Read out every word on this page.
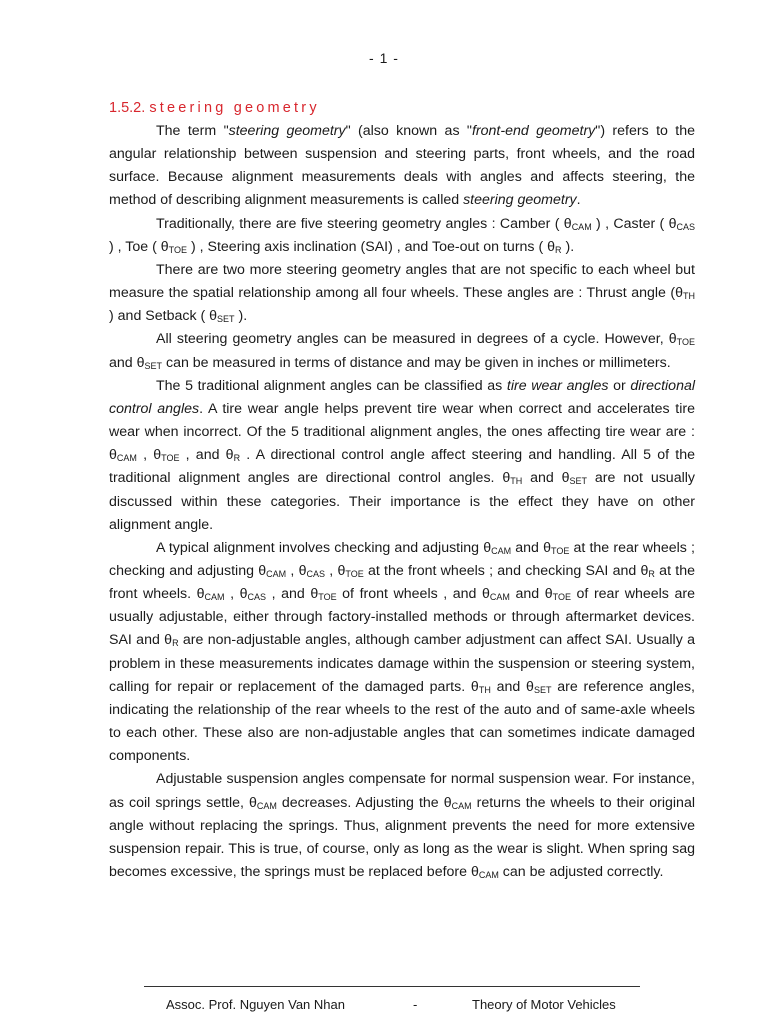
- 1 -
1.5.2. steering geometry

The term "steering geometry" (also known as "front-end geometry") refers to the angular relationship between suspension and steering parts, front wheels, and the road surface. Because alignment measurements deals with angles and affects steering, the method of describing alignment measurements is called steering geometry.

Traditionally, there are five steering geometry angles : Camber ( $\theta_{CAM}$ ) , Caster ( $\theta_{CAS}$ ) , Toe ( $\theta_{TOE}$ ) , Steering axis inclination (SAI) , and Toe-out on turns ( $\theta_R$ ).

There are two more steering geometry angles that are not specific to each wheel but measure the spatial relationship among all four wheels. These angles are : Thrust angle ($\theta_{TH}$ ) and Setback ( $\theta_{SET}$ ).

All steering geometry angles can be measured in degrees of a cycle. However, $\theta_{TOE}$ and $\theta_{SET}$ can be measured in terms of distance and may be given in inches or millimeters.

The 5 traditional alignment angles can be classified as tire wear angles or directional control angles. A tire wear angle helps prevent tire wear when correct and accelerates tire wear when incorrect. Of the 5 traditional alignment angles, the ones affecting tire wear are : $\theta_{CAM}$ , $\theta_{TOE}$ , and $\theta_R$ . A directional control angle affect steering and handling. All 5 of the traditional alignment angles are directional control angles. $\theta_{TH}$ and $\theta_{SET}$ are not usually discussed within these categories. Their importance is the effect they have on other alignment angle.

A typical alignment involves checking and adjusting $\theta_{CAM}$ and $\theta_{TOE}$ at the rear wheels ; checking and adjusting $\theta_{CAM}$ , $\theta_{CAS}$ , $\theta_{TOE}$ at the front wheels ; and checking SAI and $\theta_R$ at the front wheels. $\theta_{CAM}$ , $\theta_{CAS}$ , and $\theta_{TOE}$ of front wheels , and $\theta_{CAM}$ and $\theta_{TOE}$ of rear wheels are usually adjustable, either through factory-installed methods or through aftermarket devices. SAI and $\theta_R$ are non-adjustable angles, although camber adjustment can affect SAI. Usually a problem in these measurements indicates damage within the suspension or steering system, calling for repair or replacement of the damaged parts. $\theta_{TH}$ and $\theta_{SET}$ are reference angles, indicating the relationship of the rear wheels to the rest of the auto and of same-axle wheels to each other. These also are non-adjustable angles that can sometimes indicate damaged components.

Adjustable suspension angles compensate for normal suspension wear. For instance, as coil springs settle, $\theta_{CAM}$ decreases. Adjusting the $\theta_{CAM}$ returns the wheels to their original angle without replacing the springs. Thus, alignment prevents the need for more extensive suspension repair. This is true, of course, only as long as the wear is slight. When spring sag becomes excessive, the springs must be replaced before $\theta_{CAM}$ can be adjusted correctly.

Assoc. Prof. Nguyen Van Nhan	-	Theory of Motor Vehicles
